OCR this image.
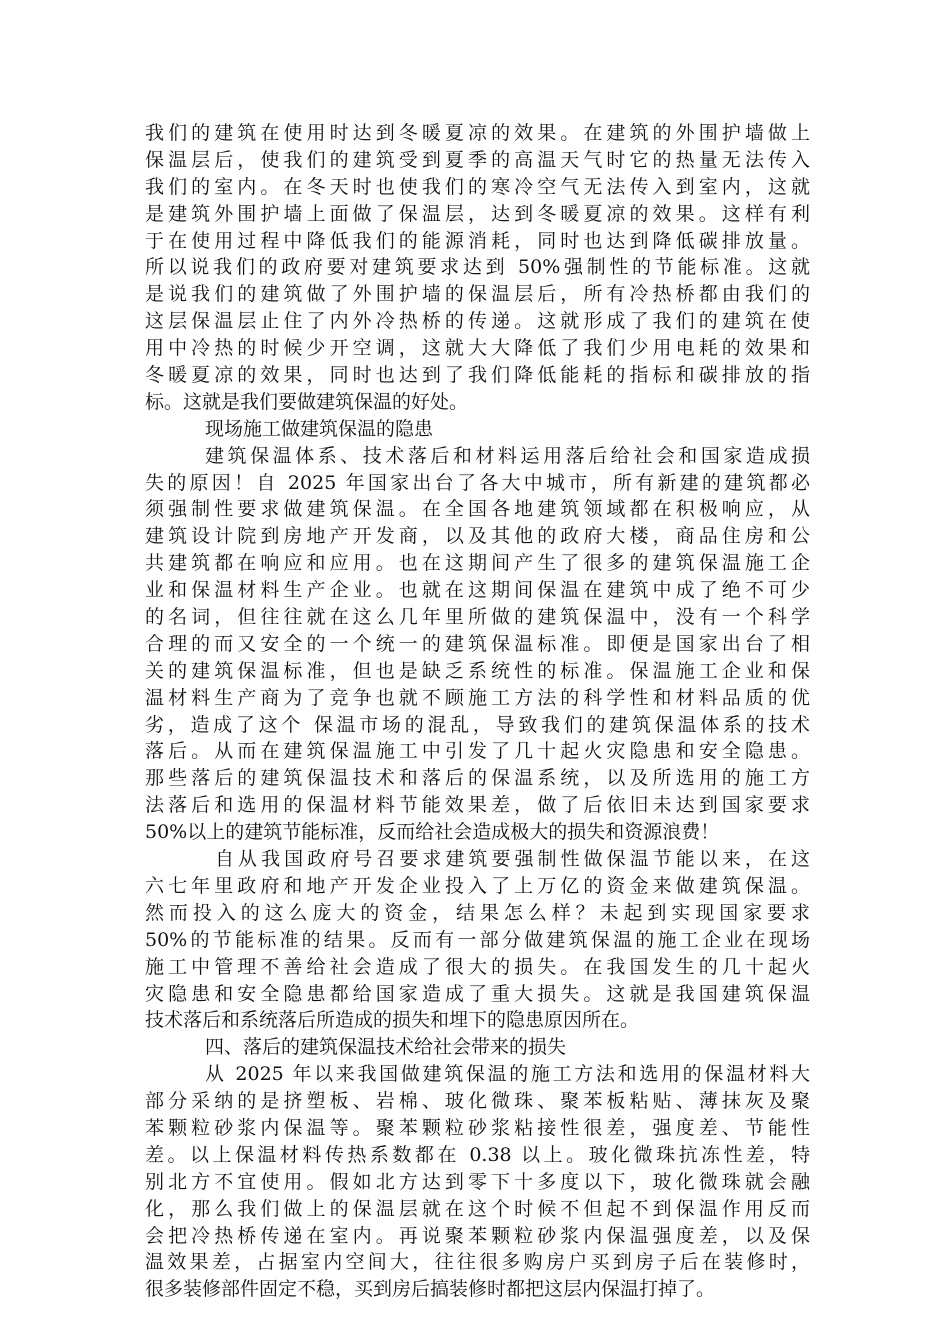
我们的建筑在使用时达到冬暖夏凉的效果。在建筑的外围护墙做上
保温层后，使我们的建筑受到夏季的高温天气时它的热量无法传入
我们的室内。在冬天时也使我们的寒冷空气无法传入到室内，这就
是建筑外围护墙上面做了保温层，达到冬暖夏凉的效果。这样有利
于在使用过程中降低我们的能源消耗，同时也达到降低碳排放量。
所以说我们的政府要对建筑要求达到 50%强制性的节能标准。这就
是说我们的建筑做了外围护墙的保温层后，所有冷热桥都由我们的
这层保温层止住了内外冷热桥的传递。这就形成了我们的建筑在使
用中冷热的时候少开空调，这就大大降低了我们少用电耗的效果和
冬暖夏凉的效果，同时也达到了我们降低能耗的指标和碳排放的指
标。这就是我们要做建筑保温的好处。
现场施工做建筑保温的隐患
建筑保温体系、技术落后和材料运用落后给社会和国家造成损
失的原因！自 2025 年国家出台了各大中城市，所有新建的建筑都必
须强制性要求做建筑保温。在全国各地建筑领域都在积极响应，从
建筑设计院到房地产开发商，以及其他的政府大楼，商品住房和公
共建筑都在响应和应用。也在这期间产生了很多的建筑保温施工企
业和保温材料生产企业。也就在这期间保温在建筑中成了绝不可少
的名词，但往往就在这么几年里所做的建筑保温中，没有一个科学
合理的而又安全的一个统一的建筑保温标准。即便是国家出台了相
关的建筑保温标准，但也是缺乏系统性的标准。保温施工企业和保
温材料生产商为了竞争也就不顾施工方法的科学性和材料品质的优
劣，造成了这个 保温市场的混乱，导致我们的建筑保温体系的技术
落后。从而在建筑保温施工中引发了几十起火灾隐患和安全隐患。
那些落后的建筑保温技术和落后的保温系统，以及所选用的施工方
法落后和选用的保温材料节能效果差，做了后依旧未达到国家要求
50%以上的建筑节能标准，反而给社会造成极大的损失和资源浪费！
自从我国政府号召要求建筑要强制性做保温节能以来，在这
六七年里政府和地产开发企业投入了上万亿的资金来做建筑保温。
然而投入的这么庞大的资金，结果怎么样？未起到实现国家要求
50%的节能标准的结果。反而有一部分做建筑保温的施工企业在现场
施工中管理不善给社会造成了很大的损失。在我国发生的几十起火
灾隐患和安全隐患都给国家造成了重大损失。这就是我国建筑保温
技术落后和系统落后所造成的损失和埋下的隐患原因所在。
四、落后的建筑保温技术给社会带来的损失
从 2025 年以来我国做建筑保温的施工方法和选用的保温材料大
部分采纳的是挤塑板、岩棉、玻化微珠、聚苯板粘贴、薄抹灰及聚
苯颗粒砂浆内保温等。聚苯颗粒砂浆粘接性很差，强度差、节能性
差。以上保温材料传热系数都在 0.38 以上。玻化微珠抗冻性差，特
别北方不宜使用。假如北方达到零下十多度以下，玻化微珠就会融
化，那么我们做上的保温层就在这个时候不但起不到保温作用反而
会把冷热桥传递在室内。再说聚苯颗粒砂浆内保温强度差，以及保
温效果差，占据室内空间大，往往很多购房户买到房子后在装修时，
很多装修部件固定不稳，买到房后搞装修时都把这层内保温打掉了。
